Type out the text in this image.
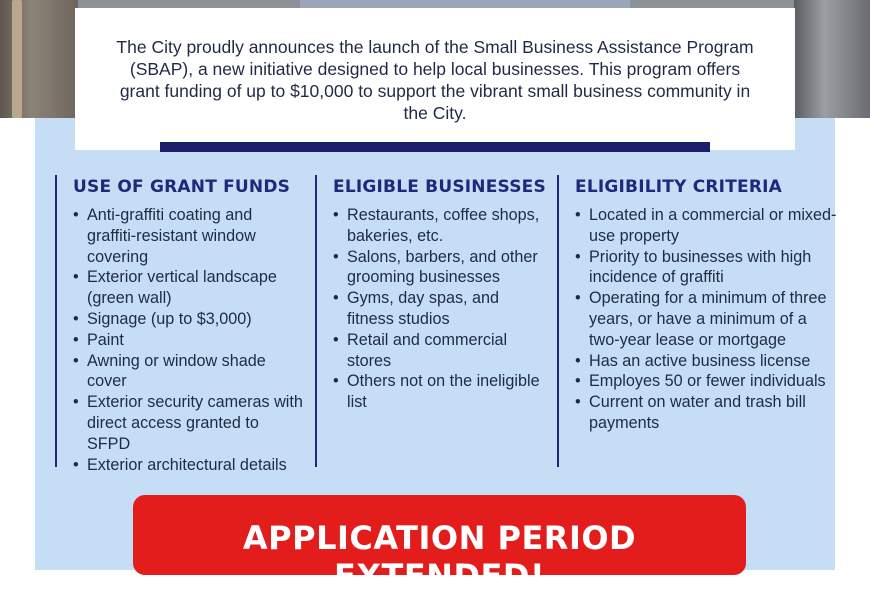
The City proudly announces the launch of the Small Business Assistance Program (SBAP), a new initiative designed to help local businesses. This program offers grant funding of up to $10,000 to support the vibrant small business community in the City.

USE OF GRANT FUNDS
• Anti-graffiti coating and graffiti-resistant window covering
• Exterior vertical landscape (green wall)
• Signage (up to $3,000)
• Paint
• Awning or window shade cover
• Exterior security cameras with direct access granted to SFPD
• Exterior architectural details
ELIGIBLE BUSINESSES
• Restaurants, coffee shops, bakeries, etc.
• Salons, barbers, and other grooming businesses
• Gyms, day spas, and fitness studios
• Retail and commercial stores
• Others not on the ineligible list
ELIGIBILITY CRITERIA
• Located in a commercial or mixed-use property
• Priority to businesses with high incidence of graffiti
• Operating for a minimum of three years, or have a minimum of a two-year lease or mortgage
• Has an active business license
• Employes 50 or fewer individuals
• Current on water and trash bill payments
APPLICATION PERIOD EXTENDED!
